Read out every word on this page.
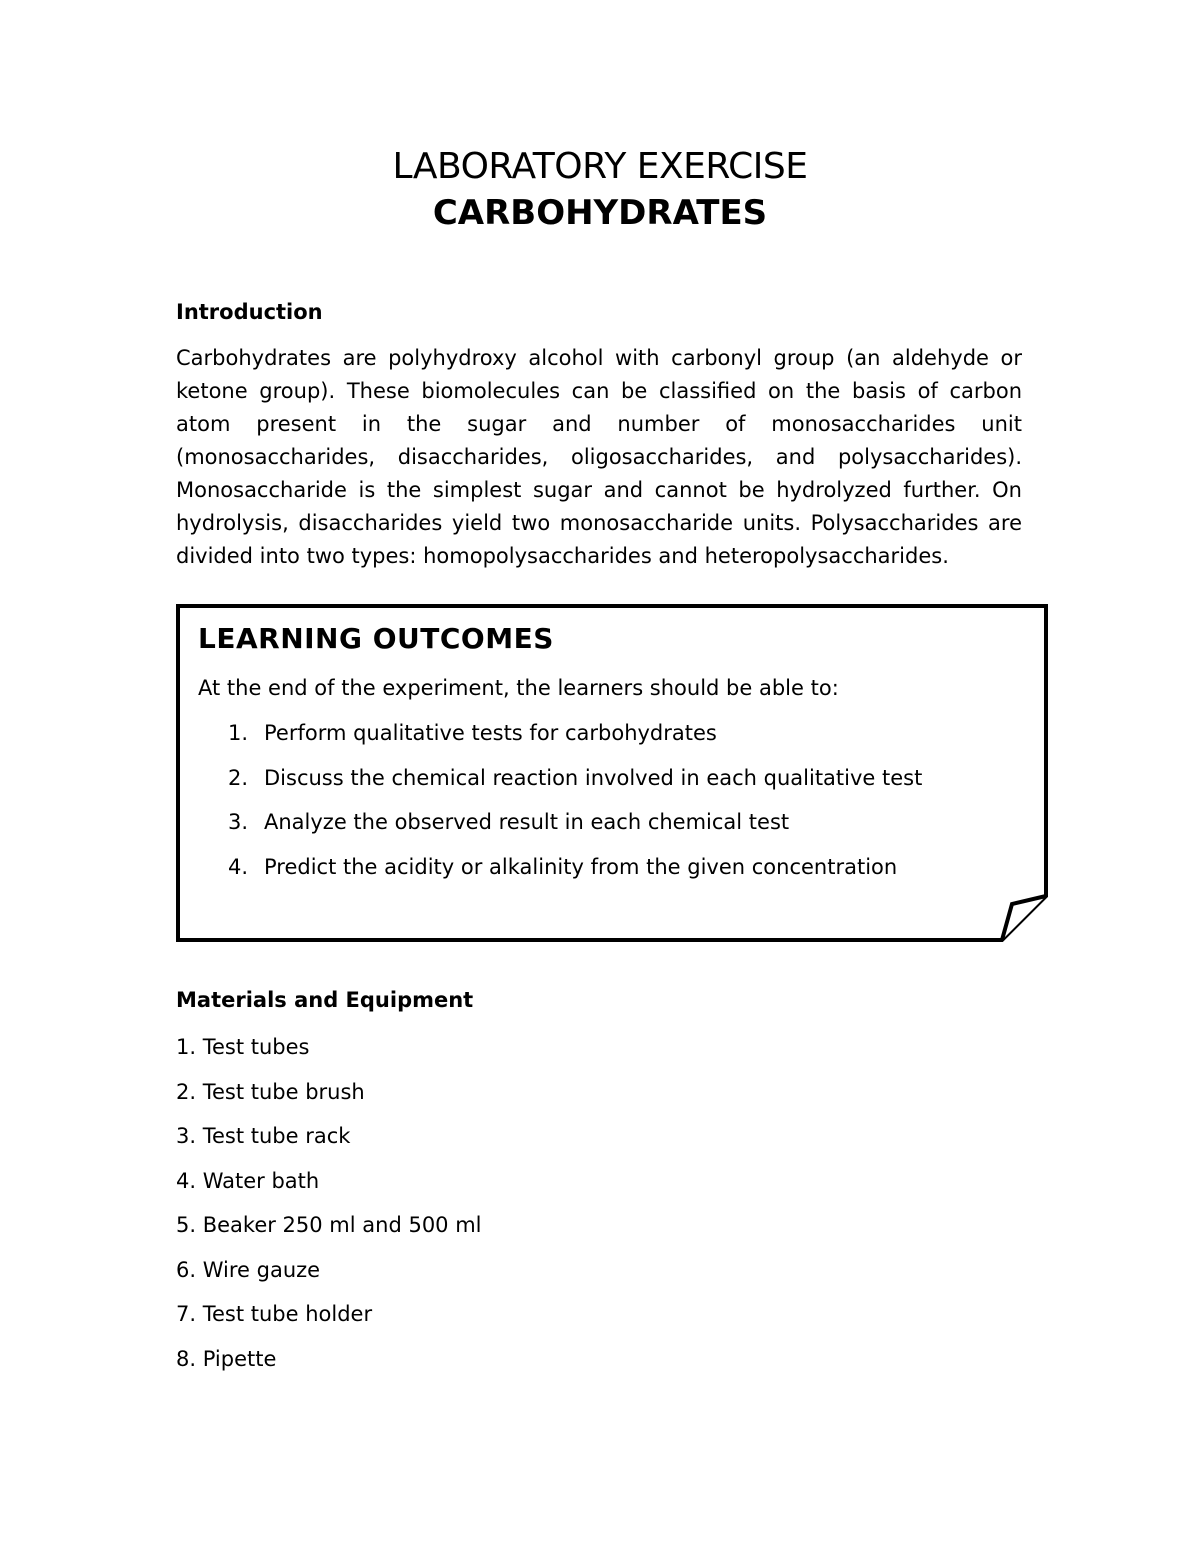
LABORATORY EXERCISE
CARBOHYDRATES
Introduction
Carbohydrates are polyhydroxy alcohol with carbonyl group (an aldehyde or ketone group). These biomolecules can be classified on the basis of carbon atom present in the sugar and number of monosaccharides unit (monosaccharides, disaccharides, oligosaccharides, and polysaccharides). Monosaccharide is the simplest sugar and cannot be hydrolyzed further. On hydrolysis, disaccharides yield two monosaccharide units. Polysaccharides are divided into two types: homopolysaccharides and heteropolysaccharides.
LEARNING OUTCOMES
At the end of the experiment, the learners should be able to:
1. Perform qualitative tests for carbohydrates
2. Discuss the chemical reaction involved in each qualitative test
3. Analyze the observed result in each chemical test
4. Predict the acidity or alkalinity from the given concentration
Materials and Equipment
1. Test tubes
2. Test tube brush
3. Test tube rack
4. Water bath
5. Beaker 250 ml and 500 ml
6. Wire gauze
7. Test tube holder
8. Pipette
